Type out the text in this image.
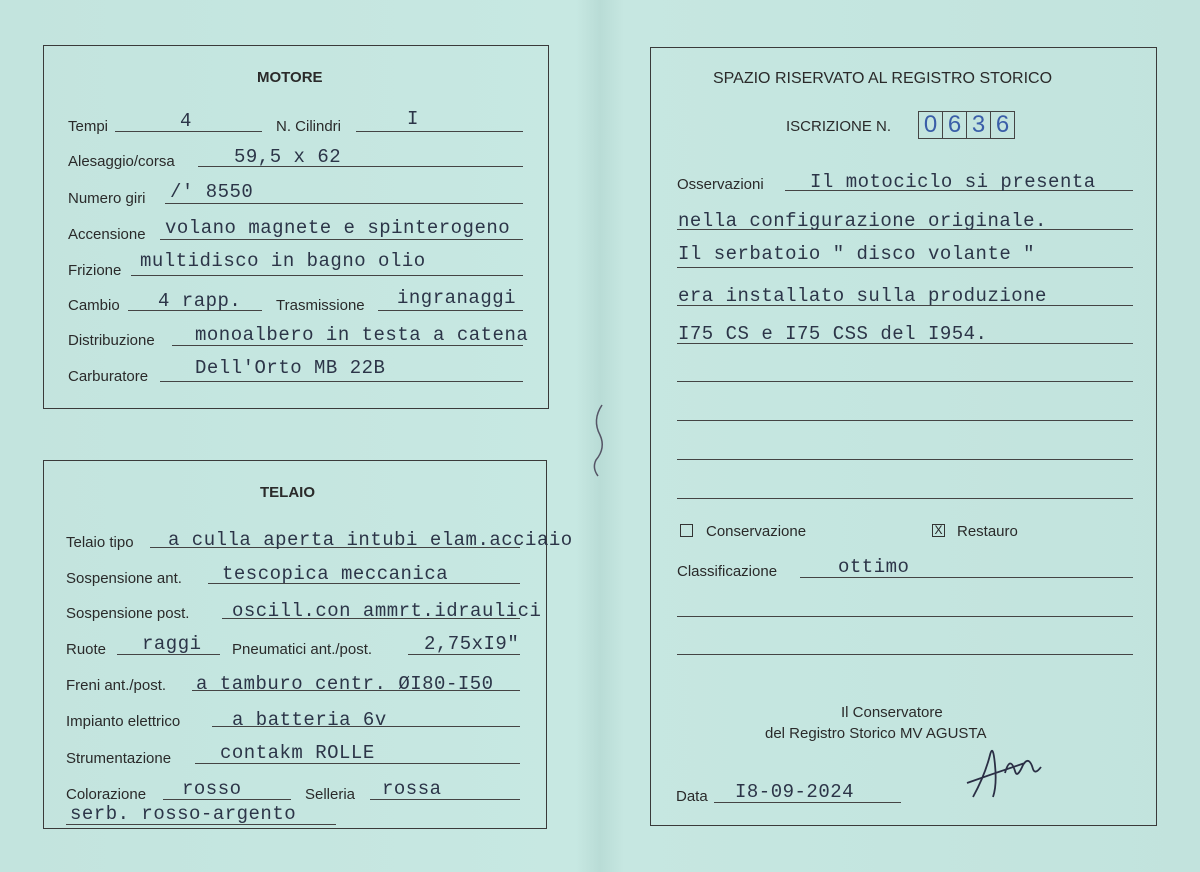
MOTORE
Tempi	4	N. Cilindri	I
Alesaggio/corsa	59,5 x 62
Numero giri /' 8550
Accensione volano magnete e spinterogeno
Frizione multidisco in bagno olio
Cambio 4 rapp. Trasmissione ingranaggi
Distribuzione monoalbero in testa a catena
Carburatore Dell'Orto MB 22B
TELAIO
Telaio tipo a culla aperta intubi elam.acciaio
Sospensione ant. tescopica meccanica
Sospensione post. oscill.con ammrt.idraulici
Ruote raggi Pneumatici ant./post.	2,75xI9"
Freni ant./post. a tamburo centr. ØI80-I50
Impianto elettrico	a batteria 6v
Strumentazione	contakm ROLLE
Colorazione rosso	Selleria rossa
serb. rosso-argento
SPAZIO RISERVATO AL REGISTRO STORICO
ISCRIZIONE N. 0 6 3 6
Osservazioni Il motociclo si presenta
nella configurazione originale.
Il serbatoio " disco volante "
era installato sulla produzione
I75 CS e I75 CSS del I954.
Conservazione	X Restauro
Classificazione	ottimo
Il Conservatore
del Registro Storico MV AGUSTA
Data I8-09-2024
